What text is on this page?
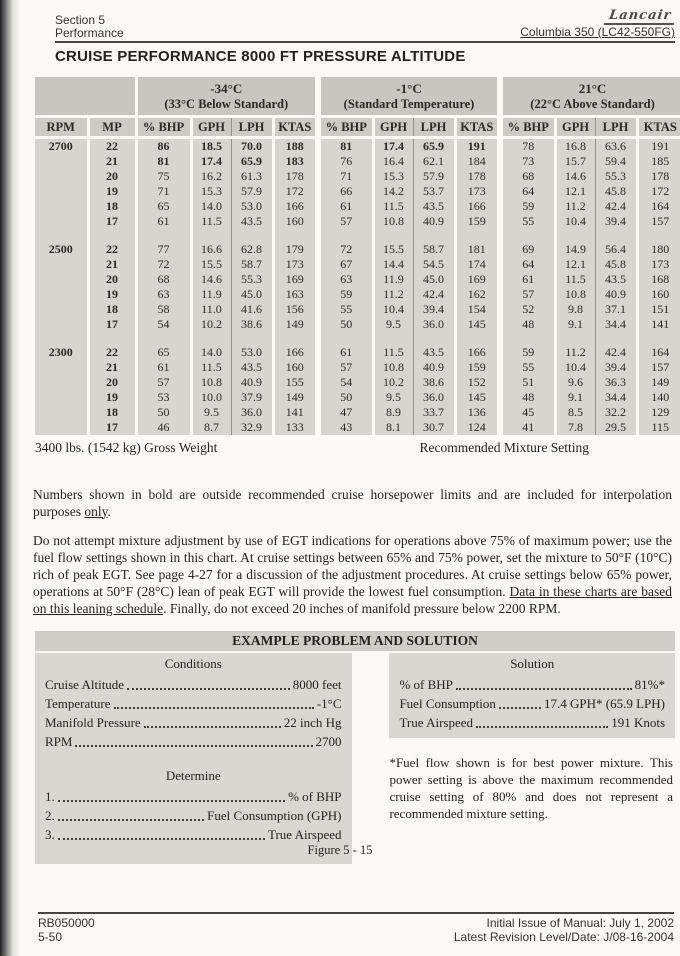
Section 5
Performance
Lancair
Columbia 350 (LC42-550FG)
CRUISE PERFORMANCE 8000 FT PRESSURE ALTITUDE

-34°C
(33°C Below Standard)

-1°C
(Standard Temperature)

21°C
(22°C Above Standard)

RPM	MP	% BHP	GPH	LPH	KTAS	% BHP	GPH	LPH	KTAS	% BHP	GPH	LPH	KTAS
2700	22	86	18.5	70.0	188	81	17.4	65.9	191	78	16.8	63.6	191
	21	81	17.4	65.9	183	76	16.4	62.1	184	73	15.7	59.4	185
	20	75	16.2	61.3	178	71	15.3	57.9	178	68	14.6	55.3	178
	19	71	15.3	57.9	172	66	14.2	53.7	173	64	12.1	45.8	172
	18	65	14.0	53.0	166	61	11.5	43.5	166	59	11.2	42.4	164
	17	61	11.5	43.5	160	57	10.8	40.9	159	55	10.4	39.4	157

2500	22	77	16.6	62.8	179	72	15.5	58.7	181	69	14.9	56.4	180
	21	72	15.5	58.7	173	67	14.4	54.5	174	64	12.1	45.8	173
	20	68	14.6	55.3	169	63	11.9	45.0	169	61	11.5	43.5	168
	19	63	11.9	45.0	163	59	11.2	42.4	162	57	10.8	40.9	160
	18	58	11.0	41.6	156	55	10.4	39.4	154	52	9.8	37.1	151
	17	54	10.2	38.6	149	50	9.5	36.0	145	48	9.1	34.4	141

2300	22	65	14.0	53.0	166	61	11.5	43.5	166	59	11.2	42.4	164
	21	61	11.5	43.5	160	57	10.8	40.9	159	55	10.4	39.4	157
	20	57	10.8	40.9	155	54	10.2	38.6	152	51	9.6	36.3	149
	19	53	10.0	37.9	149	50	9.5	36.0	145	48	9.1	34.4	140
	18	50	9.5	36.0	141	47	8.9	33.7	136	45	8.5	32.2	129
	17	46	8.7	32.9	133	43	8.1	30.7	124	41	7.8	29.5	115
3400 lbs. (1542 kg) Gross Weight	Recommended Mixture Setting

Numbers shown in bold are outside recommended cruise horsepower limits and are included for interpolation purposes only.

Do not attempt mixture adjustment by use of EGT indications for operations above 75% of maximum power; use the fuel flow settings shown in this chart. At cruise settings between 65% and 75% power, set the mixture to 50°F (10°C) rich of peak EGT. See page 4-27 for a discussion of the adjustment procedures. At cruise settings below 65% power, operations at 50°F (28°C) lean of peak EGT will provide the lowest fuel consumption. Data in these charts are based on this leaning schedule. Finally, do not exceed 20 inches of manifold pressure below 2200 RPM.

EXAMPLE PROBLEM AND SOLUTION
Conditions
Cruise Altitude	8000 feet
Temperature	-1°C
Manifold Pressure	22 inch Hg
RPM	2700
Determine
1.	% of BHP
2.	Fuel Consumption (GPH)
3.	True Airspeed
Solution
% of BHP	81%*
Fuel Consumption	17.4 GPH* (65.9 LPH)
True Airspeed	191 Knots

*Fuel flow shown is for best power mixture. This power setting is above the maximum recommended cruise setting of 80% and does not represent a recommended mixture setting.

Figure 5 - 15
RB050000
5-50
Initial Issue of Manual: July 1, 2002
Latest Revision Level/Date: J/08-16-2004
